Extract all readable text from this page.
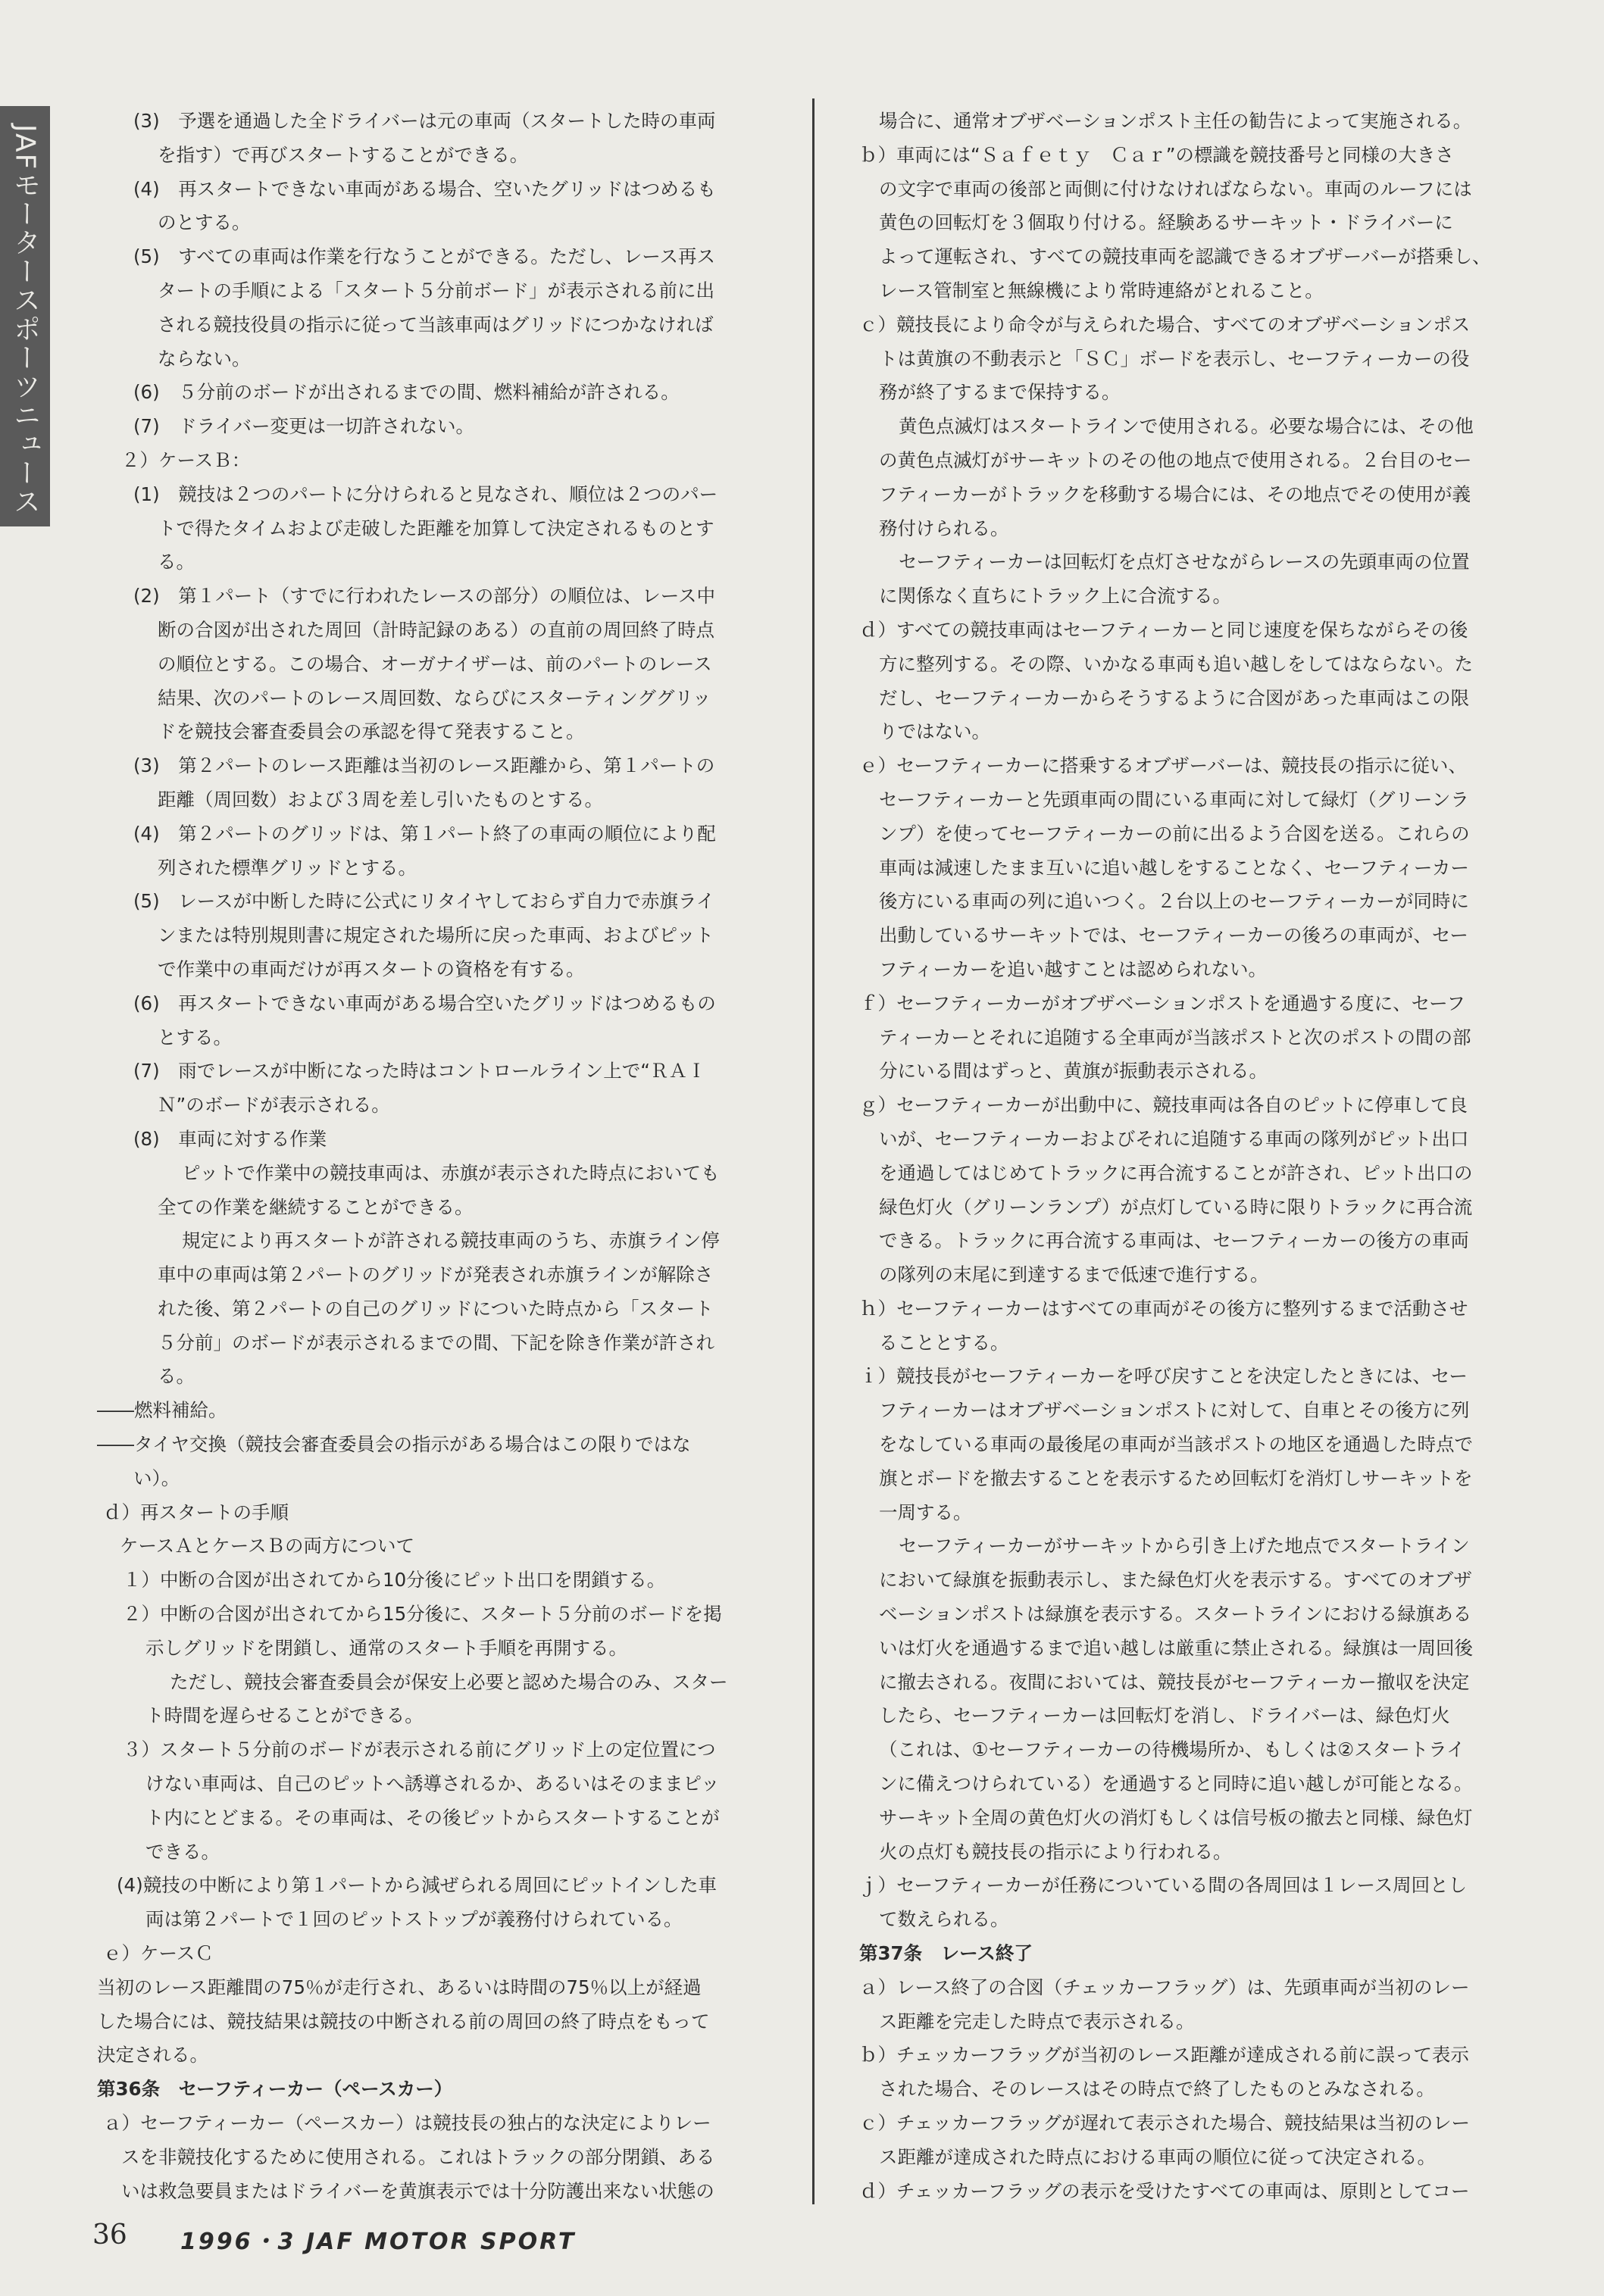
JAFモータースポーツニュース

(3)　予選を通過した全ドライバーは元の車両（スタートした時の車両

を指す）で再びスタートすることができる。

(4)　再スタートできない車両がある場合、空いたグリッドはつめるも

のとする。

(5)　すべての車両は作業を行なうことができる。ただし、レース再ス

タートの手順による「スタート５分前ボード」が表示される前に出

される競技役員の指示に従って当該車両はグリッドにつかなければ

ならない。

(6)　５分前のボードが出されるまでの間、燃料補給が許される。

(7)　ドライバー変更は一切許されない。

２）ケースＢ：

(1)　競技は２つのパートに分けられると見なされ、順位は２つのパー

トで得たタイムおよび走破した距離を加算して決定されるものとす

る。

(2)　第１パート（すでに行われたレースの部分）の順位は、レース中

断の合図が出された周回（計時記録のある）の直前の周回終了時点

の順位とする。この場合、オーガナイザーは、前のパートのレース

結果、次のパートのレース周回数、ならびにスターティンググリッ

ドを競技会審査委員会の承認を得て発表すること。

(3)　第２パートのレース距離は当初のレース距離から、第１パートの

距離（周回数）および３周を差し引いたものとする。

(4)　第２パートのグリッドは、第１パート終了の車両の順位により配

列された標準グリッドとする。

(5)　レースが中断した時に公式にリタイヤしておらず自力で赤旗ライ

ンまたは特別規則書に規定された場所に戻った車両、およびピット

で作業中の車両だけが再スタートの資格を有する。

(6)　再スタートできない車両がある場合空いたグリッドはつめるもの

とする。

(7)　雨でレースが中断になった時はコントロールライン上で“ＲＡＩ

Ｎ”のボードが表示される。

(8)　車両に対する作業

ピットで作業中の競技車両は、赤旗が表示された時点においても

全ての作業を継続することができる。

規定により再スタートが許される競技車両のうち、赤旗ライン停

車中の車両は第２パートのグリッドが発表され赤旗ラインが解除さ

れた後、第２パートの自己のグリッドについた時点から「スタート

５分前」のボードが表示されるまでの間、下記を除き作業が許され

る。

――燃料補給。

――タイヤ交換（競技会審査委員会の指示がある場合はこの限りではな

い）。

ｄ）再スタートの手順

ケースＡとケースＢの両方について

１）中断の合図が出されてから10分後にピット出口を閉鎖する。

２）中断の合図が出されてから15分後に、スタート５分前のボードを掲

示しグリッドを閉鎖し、通常のスタート手順を再開する。

ただし、競技会審査委員会が保安上必要と認めた場合のみ、スター

ト時間を遅らせることができる。

３）スタート５分前のボードが表示される前にグリッド上の定位置につ

けない車両は、自己のピットへ誘導されるか、あるいはそのままピッ

ト内にとどまる。その車両は、その後ピットからスタートすることが

できる。

(4)競技の中断により第１パートから減ぜられる周回にピットインした車

両は第２パートで１回のピットストップが義務付けられている。

ｅ）ケースＣ

当初のレース距離間の75％が走行され、あるいは時間の75％以上が経過

した場合には、競技結果は競技の中断される前の周回の終了時点をもって

決定される。

第36条　セーフティーカー（ペースカー）

ａ）セーフティーカー（ペースカー）は競技長の独占的な決定によりレー

スを非競技化するために使用される。これはトラックの部分閉鎖、ある

いは救急要員またはドライバーを黄旗表示では十分防護出来ない状態の

場合に、通常オブザベーションポスト主任の勧告によって実施される。

ｂ）車両には“Ｓａｆｅｔｙ　Ｃａｒ”の標識を競技番号と同様の大きさ

の文字で車両の後部と両側に付けなければならない。車両のルーフには

黄色の回転灯を３個取り付ける。経験あるサーキット・ドライバーに

よって運転され、すべての競技車両を認識できるオブザーバーが搭乗し、

レース管制室と無線機により常時連絡がとれること。

ｃ）競技長により命令が与えられた場合、すべてのオブザベーションポス

トは黄旗の不動表示と「ＳＣ」ボードを表示し、セーフティーカーの役

務が終了するまで保持する。

黄色点滅灯はスタートラインで使用される。必要な場合には、その他

の黄色点滅灯がサーキットのその他の地点で使用される。２台目のセー

フティーカーがトラックを移動する場合には、その地点でその使用が義

務付けられる。

セーフティーカーは回転灯を点灯させながらレースの先頭車両の位置

に関係なく直ちにトラック上に合流する。

ｄ）すべての競技車両はセーフティーカーと同じ速度を保ちながらその後

方に整列する。その際、いかなる車両も追い越しをしてはならない。た

だし、セーフティーカーからそうするように合図があった車両はこの限

りではない。

ｅ）セーフティーカーに搭乗するオブザーバーは、競技長の指示に従い、

セーフティーカーと先頭車両の間にいる車両に対して緑灯（グリーンラ

ンプ）を使ってセーフティーカーの前に出るよう合図を送る。これらの

車両は減速したまま互いに追い越しをすることなく、セーフティーカー

後方にいる車両の列に追いつく。２台以上のセーフティーカーが同時に

出動しているサーキットでは、セーフティーカーの後ろの車両が、セー

フティーカーを追い越すことは認められない。

ｆ）セーフティーカーがオブザベーションポストを通過する度に、セーフ

ティーカーとそれに追随する全車両が当該ポストと次のポストの間の部

分にいる間はずっと、黄旗が振動表示される。

ｇ）セーフティーカーが出動中に、競技車両は各自のピットに停車して良

いが、セーフティーカーおよびそれに追随する車両の隊列がピット出口

を通過してはじめてトラックに再合流することが許され、ピット出口の

緑色灯火（グリーンランプ）が点灯している時に限りトラックに再合流

できる。トラックに再合流する車両は、セーフティーカーの後方の車両

の隊列の末尾に到達するまで低速で進行する。

ｈ）セーフティーカーはすべての車両がその後方に整列するまで活動させ

ることとする。

ｉ）競技長がセーフティーカーを呼び戻すことを決定したときには、セー

フティーカーはオブザベーションポストに対して、自車とその後方に列

をなしている車両の最後尾の車両が当該ポストの地区を通過した時点で

旗とボードを撤去することを表示するため回転灯を消灯しサーキットを

一周する。

セーフティーカーがサーキットから引き上げた地点でスタートライン

において緑旗を振動表示し、また緑色灯火を表示する。すべてのオブザ

ベーションポストは緑旗を表示する。スタートラインにおける緑旗ある

いは灯火を通過するまで追い越しは厳重に禁止される。緑旗は一周回後

に撤去される。夜間においては、競技長がセーフティーカー撤収を決定

したら、セーフティーカーは回転灯を消し、ドライバーは、緑色灯火

（これは、①セーフティーカーの待機場所か、もしくは②スタートライ

ンに備えつけられている）を通過すると同時に追い越しが可能となる。

サーキット全周の黄色灯火の消灯もしくは信号板の撤去と同様、緑色灯

火の点灯も競技長の指示により行われる。

ｊ）セーフティーカーが任務についている間の各周回は１レース周回とし

て数えられる。

第37条　レース終了

ａ）レース終了の合図（チェッカーフラッグ）は、先頭車両が当初のレー

ス距離を完走した時点で表示される。

ｂ）チェッカーフラッグが当初のレース距離が達成される前に誤って表示

された場合、そのレースはその時点で終了したものとみなされる。

ｃ）チェッカーフラッグが遅れて表示された場合、競技結果は当初のレー

ス距離が達成された時点における車両の順位に従って決定される。

ｄ）チェッカーフラッグの表示を受けたすべての車両は、原則としてコー

36 1996・3 JAF MOTOR SPORT
